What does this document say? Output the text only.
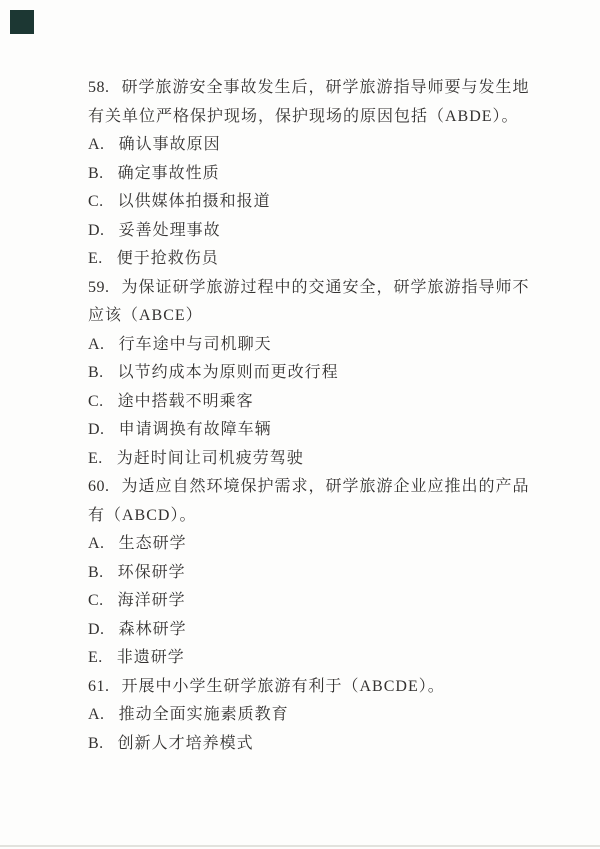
58. 研学旅游安全事故发生后，研学旅游指导师要与发生地
有关单位严格保护现场，保护现场的原因包括（ABDE）。
A. 确认事故原因
B. 确定事故性质
C. 以供媒体拍摄和报道
D. 妥善处理事故
E. 便于抢救伤员
59. 为保证研学旅游过程中的交通安全，研学旅游指导师不
应该（ABCE）
A. 行车途中与司机聊天
B. 以节约成本为原则而更改行程
C. 途中搭载不明乘客
D. 申请调换有故障车辆
E. 为赶时间让司机疲劳驾驶
60. 为适应自然环境保护需求，研学旅游企业应推出的产品
有（ABCD）。
A. 生态研学
B. 环保研学
C. 海洋研学
D. 森林研学
E. 非遗研学
61. 开展中小学生研学旅游有利于（ABCDE）。
A. 推动全面实施素质教育
B. 创新人才培养模式
